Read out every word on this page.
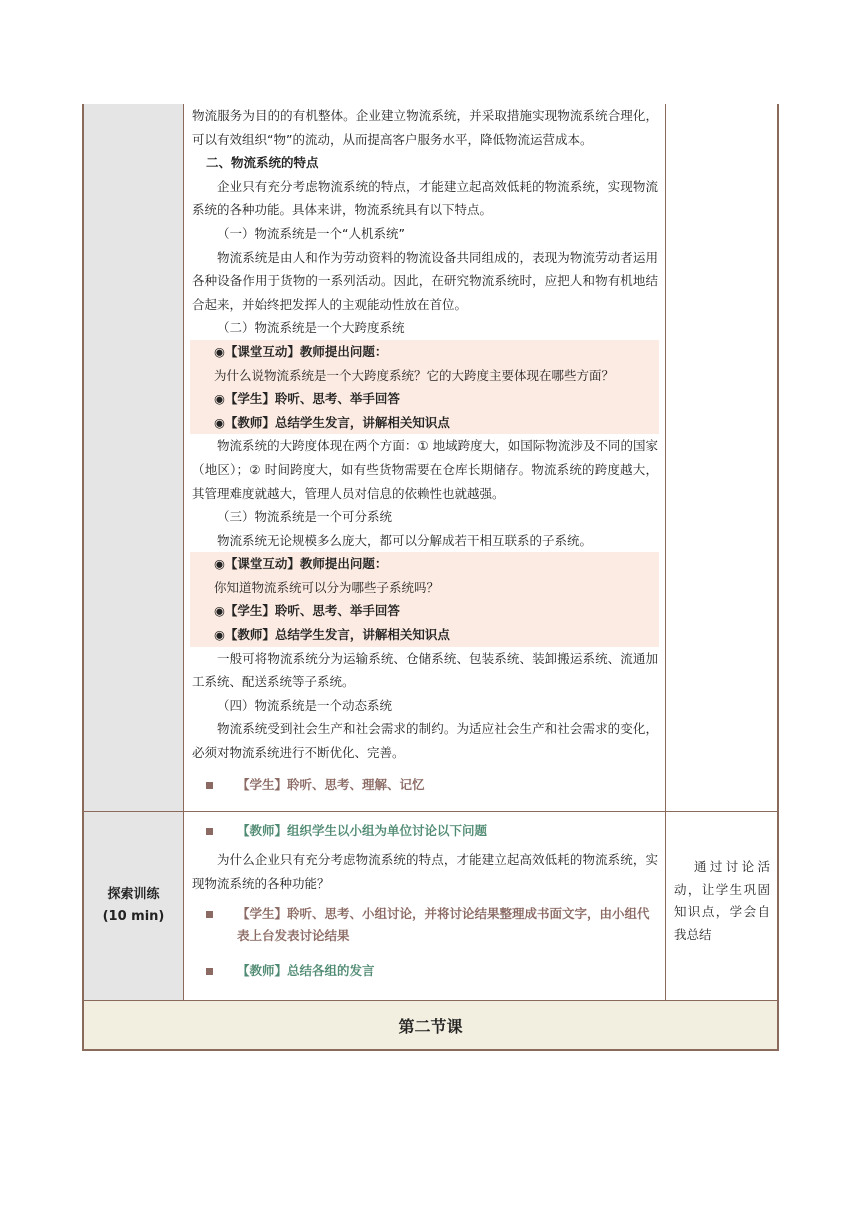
物流服务为目的的有机整体。企业建立物流系统，并采取措施实现物流系统合理化，可以有效组织“物”的流动，从而提高客户服务水平，降低物流运营成本。
二、物流系统的特点
企业只有充分考虑物流系统的特点，才能建立起高效低耗的物流系统，实现物流系统的各种功能。具体来讲，物流系统具有以下特点。
（一）物流系统是一个“人机系统”
物流系统是由人和作为劳动资料的物流设备共同组成的，表现为物流劳动者运用各种设备作用于货物的一系列活动。因此，在研究物流系统时，应把人和物有机地结合起来，并始终把发挥人的主观能动性放在首位。
（二）物流系统是一个大跨度系统
◉【课堂互动】教师提出问题：
为什么说物流系统是一个大跨度系统？它的大跨度主要体现在哪些方面？
◉【学生】聆听、思考、举手回答
◉【教师】总结学生发言，讲解相关知识点
物流系统的大跨度体现在两个方面：① 地域跨度大，如国际物流涉及不同的国家（地区）；② 时间跨度大，如有些货物需要在仓库长期储存。物流系统的跨度越大，其管理难度就越大，管理人员对信息的依赖性也就越强。
（三）物流系统是一个可分系统
物流系统无论规模多么庞大，都可以分解成若干相互联系的子系统。
◉【课堂互动】教师提出问题：
你知道物流系统可以分为哪些子系统吗？
◉【学生】聆听、思考、举手回答
◉【教师】总结学生发言，讲解相关知识点
一般可将物流系统分为运输系统、仓储系统、包装系统、装卸搬运系统、流通加工系统、配送系统等子系统。
（四）物流系统是一个动态系统
物流系统受到社会生产和社会需求的制约。为适应社会生产和社会需求的变化，必须对物流系统进行不断优化、完善。
【学生】聆听、思考、理解、记忆
探索训练
(10 min)
【教师】组织学生以小组为单位讨论以下问题
为什么企业只有充分考虑物流系统的特点，才能建立起高效低耗的物流系统，实现物流系统的各种功能？
【学生】聆听、思考、小组讨论，并将讨论结果整理成书面文字，由小组代表上台发表讨论结果
【教师】总结各组的发言
通过讨论活动，让学生巩固知识点，学会自我总结
第二节课
